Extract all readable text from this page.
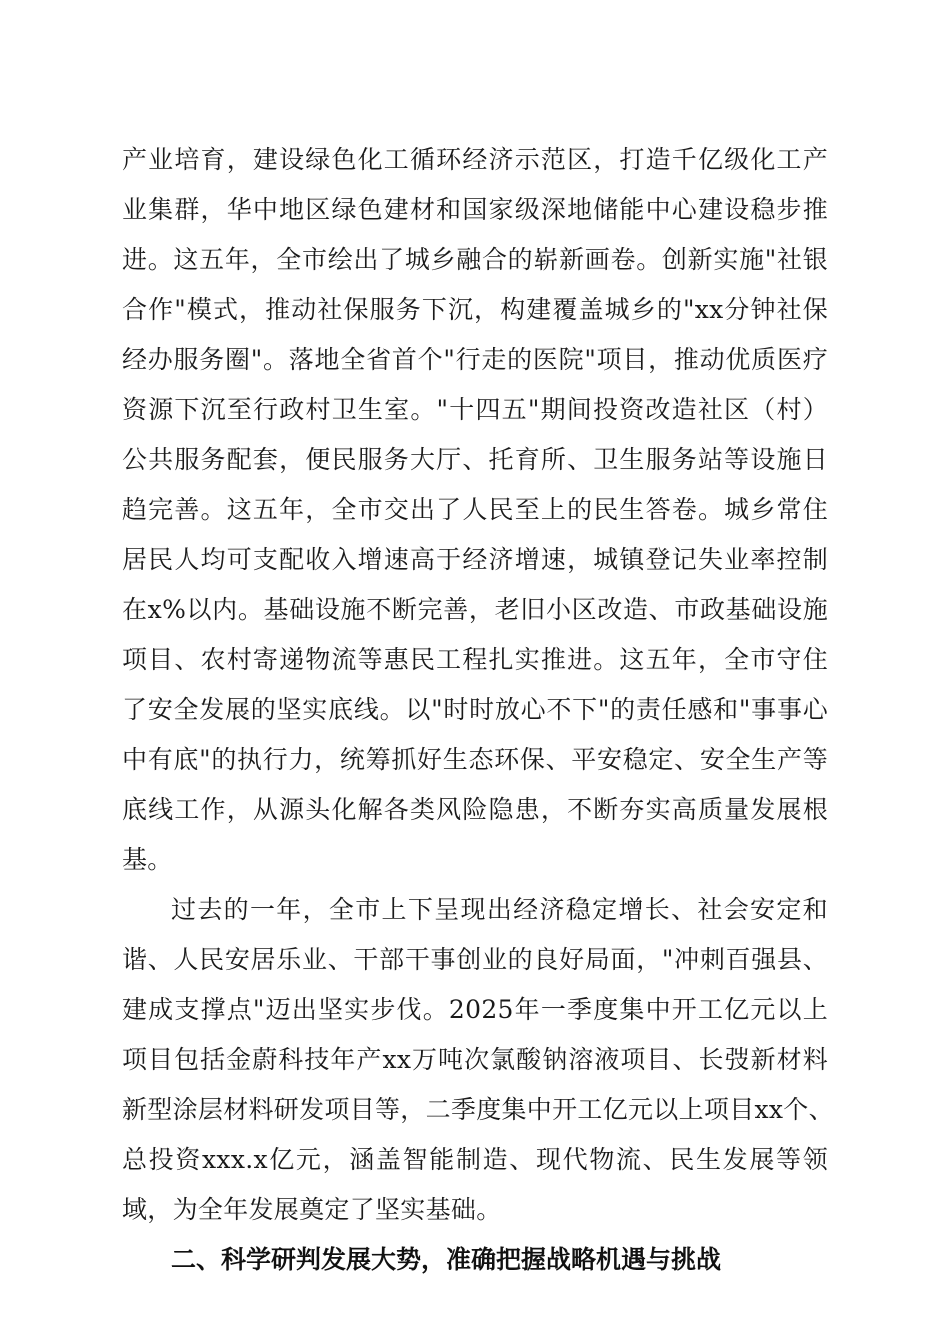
产业培育，建设绿色化工循环经济示范区，打造千亿级化工产
业集群，华中地区绿色建材和国家级深地储能中心建设稳步推
进。这五年，全市绘出了城乡融合的崭新画卷。创新实施"社银
合作"模式，推动社保服务下沉，构建覆盖城乡的"xx分钟社保
经办服务圈"。落地全省首个"行走的医院"项目，推动优质医疗
资源下沉至行政村卫生室。"十四五"期间投资改造社区（村）
公共服务配套，便民服务大厅、托育所、卫生服务站等设施日
趋完善。这五年，全市交出了人民至上的民生答卷。城乡常住
居民人均可支配收入增速高于经济增速，城镇登记失业率控制
在x%以内。基础设施不断完善，老旧小区改造、市政基础设施
项目、农村寄递物流等惠民工程扎实推进。这五年，全市守住
了安全发展的坚实底线。以"时时放心不下"的责任感和"事事心
中有底"的执行力，统筹抓好生态环保、平安稳定、安全生产等
底线工作，从源头化解各类风险隐患，不断夯实高质量发展根
基。
过去的一年，全市上下呈现出经济稳定增长、社会安定和
谐、人民安居乐业、干部干事创业的良好局面，"冲刺百强县、
建成支撑点"迈出坚实步伐。2025年一季度集中开工亿元以上
项目包括金蔚科技年产xx万吨次氯酸钠溶液项目、长弢新材料
新型涂层材料研发项目等，二季度集中开工亿元以上项目xx个、
总投资xxx.x亿元，涵盖智能制造、现代物流、民生发展等领
域，为全年发展奠定了坚实基础。
二、科学研判发展大势，准确把握战略机遇与挑战
